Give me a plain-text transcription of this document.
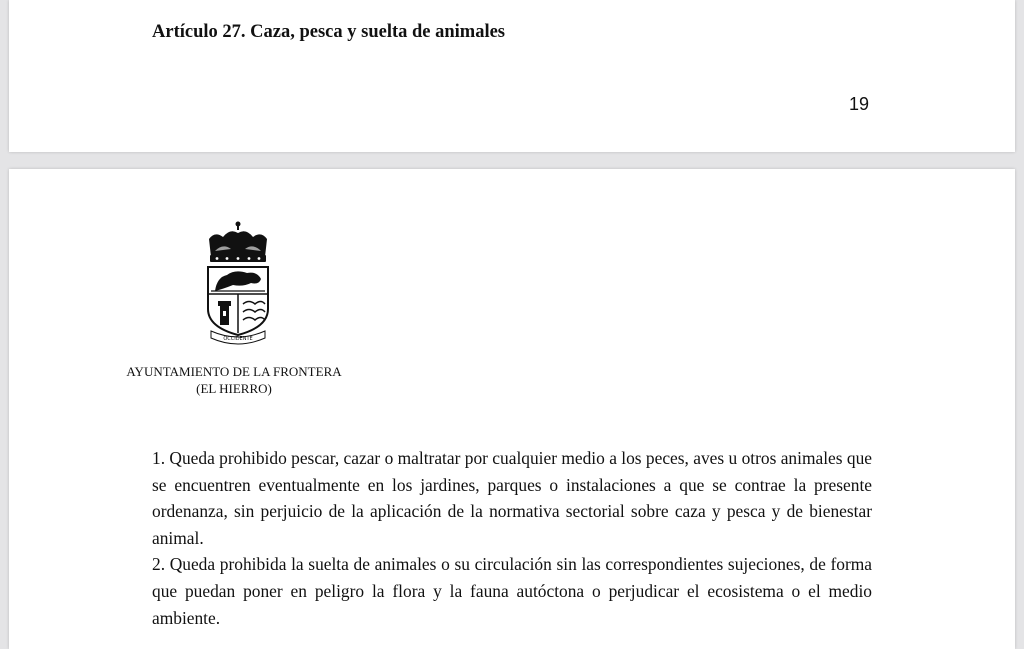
Artículo 27. Caza, pesca y suelta de animales
19
OCCIDENTE
AYUNTAMIENTO DE LA FRONTERA
(EL HIERRO)

1. Queda prohibido pescar, cazar o maltratar por cualquier medio a los peces, aves u otros animales que se encuentren eventualmente en los jardines, parques o instalaciones a que se contrae la presente ordenanza, sin perjuicio de la aplicación de la normativa sectorial sobre caza y pesca y de bienestar animal.

2. Queda prohibida la suelta de animales o su circulación sin las correspondientes sujeciones, de forma que puedan poner en peligro la flora y la fauna autóctona o perjudicar el ecosistema o el medio ambiente.
